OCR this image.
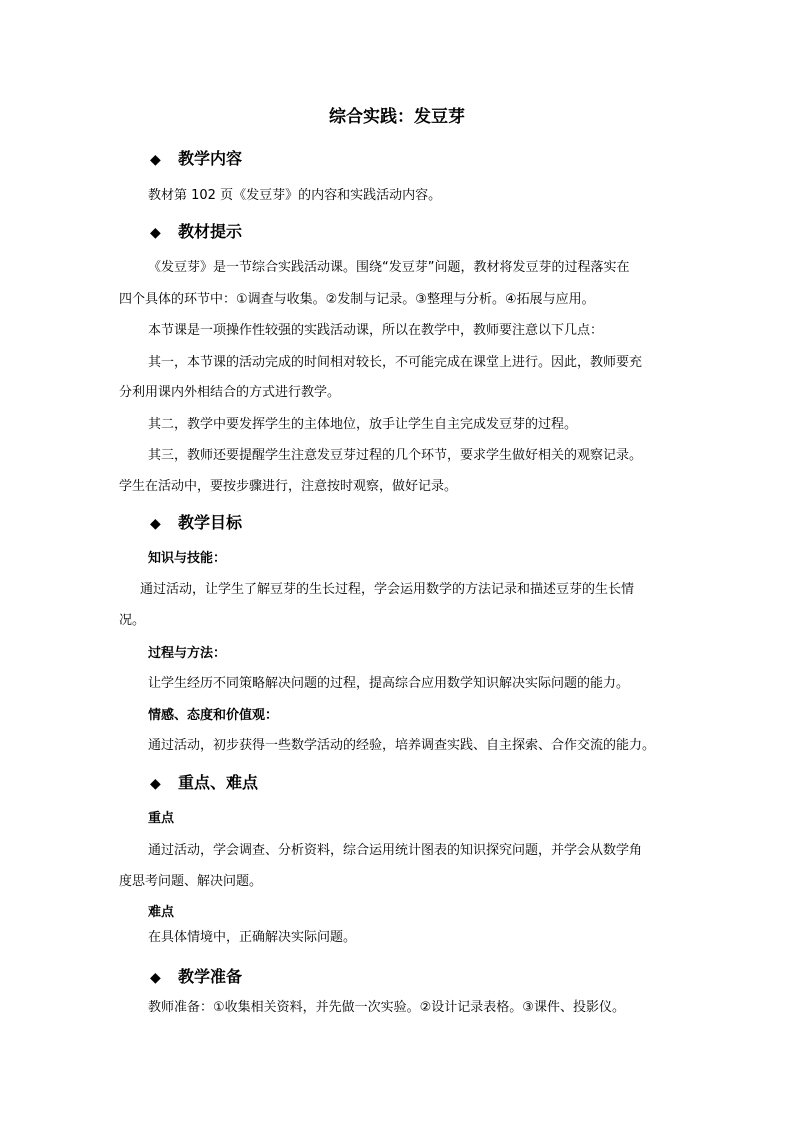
综合实践：发豆芽
◆ 教学内容
教材第 102 页《发豆芽》的内容和实践活动内容。
◆ 教材提示
《发豆芽》是一节综合实践活动课。围绕“发豆芽”问题，教材将发豆芽的过程落实在
四个具体的环节中：①调查与收集。②发制与记录。③整理与分析。④拓展与应用。
本节课是一项操作性较强的实践活动课，所以在教学中，教师要注意以下几点：
其一，本节课的活动完成的时间相对较长，不可能完成在课堂上进行。因此，教师要充
分利用课内外相结合的方式进行教学。
其二，教学中要发挥学生的主体地位，放手让学生自主完成发豆芽的过程。
其三，教师还要提醒学生注意发豆芽过程的几个环节，要求学生做好相关的观察记录。
学生在活动中，要按步骤进行，注意按时观察，做好记录。
◆ 教学目标
知识与技能：
通过活动，让学生了解豆芽的生长过程，学会运用数学的方法记录和描述豆芽的生长情
况。
过程与方法：
让学生经历不同策略解决问题的过程，提高综合应用数学知识解决实际问题的能力。
情感、态度和价值观：
通过活动，初步获得一些数学活动的经验，培养调查实践、自主探索、合作交流的能力。
◆ 重点、难点
重点
通过活动，学会调查、分析资料，综合运用统计图表的知识探究问题，并学会从数学角
度思考问题、解决问题。
难点
在具体情境中，正确解决实际问题。
◆ 教学准备
教师准备：①收集相关资料，并先做一次实验。②设计记录表格。③课件、投影仪。
